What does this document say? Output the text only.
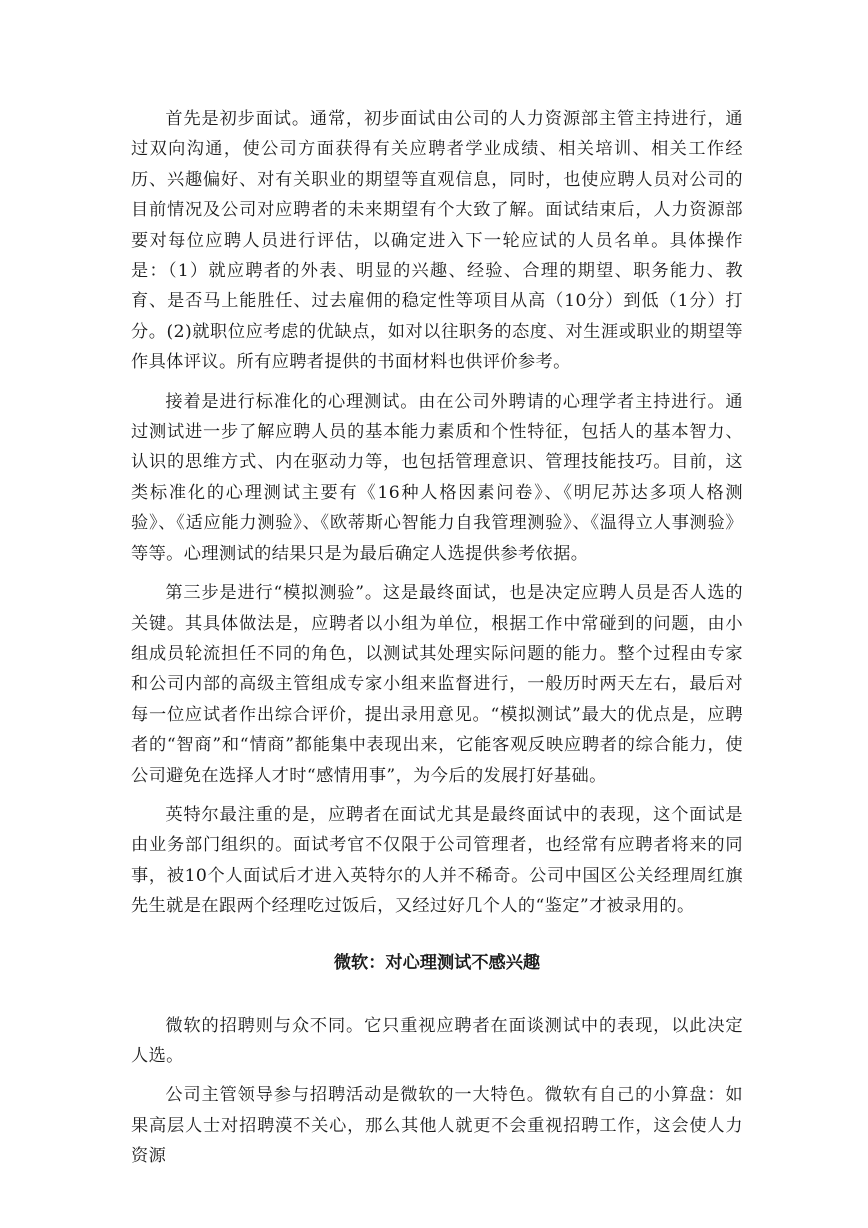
首先是初步面试。通常，初步面试由公司的人力资源部主管主持进行，通过双向沟通，使公司方面获得有关应聘者学业成绩、相关培训、相关工作经历、兴趣偏好、对有关职业的期望等直观信息，同时，也使应聘人员对公司的目前情况及公司对应聘者的未来期望有个大致了解。面试结束后，人力资源部要对每位应聘人员进行评估，以确定进入下一轮应试的人员名单。具体操作是：（1）就应聘者的外表、明显的兴趣、经验、合理的期望、职务能力、教育、是否马上能胜任、过去雇佣的稳定性等项目从高（10分）到低（1分）打分。(2)就职位应考虑的优缺点，如对以往职务的态度、对生涯或职业的期望等作具体评议。所有应聘者提供的书面材料也供评价参考。

接着是进行标准化的心理测试。由在公司外聘请的心理学者主持进行。通过测试进一步了解应聘人员的基本能力素质和个性特征，包括人的基本智力、认识的思维方式、内在驱动力等，也包括管理意识、管理技能技巧。目前，这类标准化的心理测试主要有《16种人格因素问卷》、《明尼苏达多项人格测验》、《适应能力测验》、《欧蒂斯心智能力自我管理测验》、《温得立人事测验》等等。心理测试的结果只是为最后确定人选提供参考依据。

第三步是进行“模拟测验”。这是最终面试，也是决定应聘人员是否人选的关键。其具体做法是，应聘者以小组为单位，根据工作中常碰到的问题，由小组成员轮流担任不同的角色，以测试其处理实际问题的能力。整个过程由专家和公司内部的高级主管组成专家小组来监督进行，一般历时两天左右，最后对每一位应试者作出综合评价，提出录用意见。“模拟测试”最大的优点是，应聘者的“智商”和“情商”都能集中表现出来，它能客观反映应聘者的综合能力，使公司避免在选择人才时“感情用事”，为今后的发展打好基础。

英特尔最注重的是，应聘者在面试尤其是最终面试中的表现，这个面试是由业务部门组织的。面试考官不仅限于公司管理者，也经常有应聘者将来的同事，被10个人面试后才进入英特尔的人并不稀奇。公司中国区公关经理周红旗先生就是在跟两个经理吃过饭后，又经过好几个人的“鉴定”才被录用的。

微软：对心理测试不感兴趣

微软的招聘则与众不同。它只重视应聘者在面谈测试中的表现，以此决定人选。

公司主管领导参与招聘活动是微软的一大特色。微软有自己的小算盘：如果高层人士对招聘漠不关心，那么其他人就更不会重视招聘工作，这会使人力资源
